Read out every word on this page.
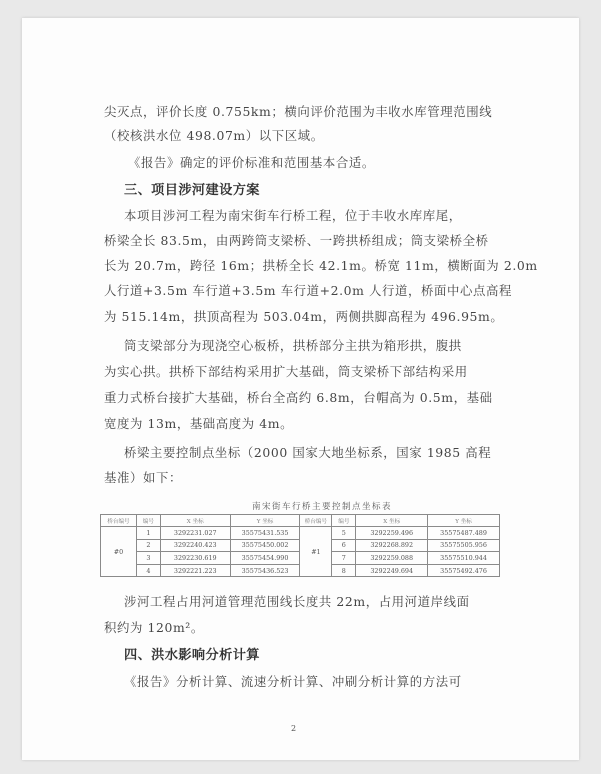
尖灭点，评价长度 0.755km；横向评价范围为丰收水库管理范围线
（校核洪水位 498.07m）以下区域。
《报告》确定的评价标准和范围基本合适。
三、项目涉河建设方案
本项目涉河工程为南宋街车行桥工程，位于丰收水库库尾，
桥梁全长 83.5m，由两跨筒支梁桥、一跨拱桥组成；筒支梁桥全桥
长为 20.7m，跨径 16m；拱桥全长 42.1m。桥宽 11m，横断面为 2.0m
人行道+3.5m 车行道+3.5m 车行道+2.0m 人行道，桥面中心点高程
为 515.14m，拱顶高程为 503.04m，两侧拱脚高程为 496.95m。
筒支梁部分为现浇空心板桥，拱桥部分主拱为箱形拱，腹拱
为实心拱。拱桥下部结构采用扩大基础，筒支梁桥下部结构采用
重力式桥台接扩大基础，桥台全高约 6.8m，台帽高为 0.5m，基础
宽度为 13m，基础高度为 4m。
桥梁主要控制点坐标（2000 国家大地坐标系，国家 1985 高程
基准）如下：
南宋街车行桥主要控制点坐标表
桥台编号	编号	X 坐标	Y 坐标	桥台编号	编号	X 坐标	Y 坐标
#0	1	3292231.027	35575431.535	#1	5	3292259.496	35575487.489
	2	3292240.423	35575450.002		6	3292268.892	35575505.956
	3	3292230.619	35575454.990		7	3292259.088	35575510.944
	4	3292221.223	35575436.523		8	3292249.694	35575492.476
涉河工程占用河道管理范围线长度共 22m，占用河道岸线面
积约为 120m²。
四、洪水影响分析计算
《报告》分析计算、流速分析计算、冲刷分析计算的方法可
2
